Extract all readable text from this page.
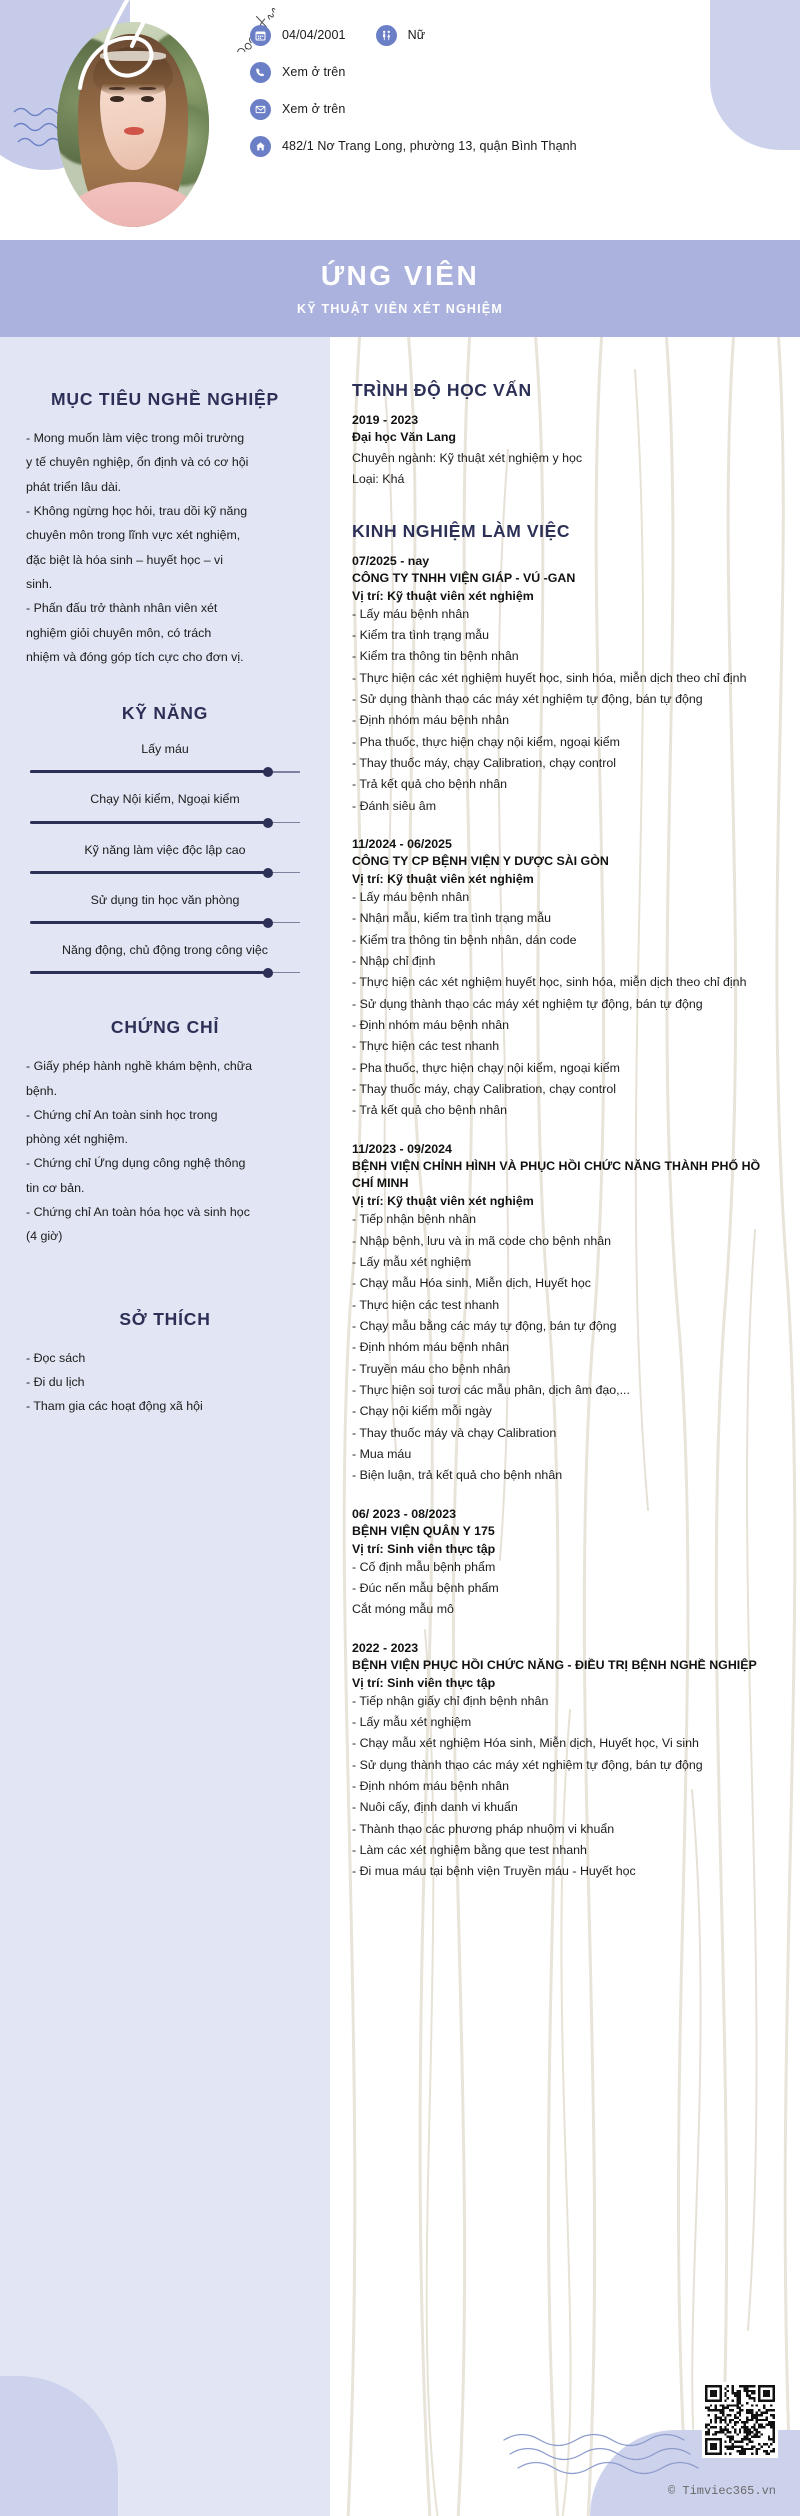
04/04/2001	Nữ
Xem ở trên
Xem ở trên
482/1 Nơ Trang Long, phường 13, quận Bình Thạnh
ỨNG VIÊN
KỸ THUẬT VIÊN XÉT NGHIỆM
MỤC TIÊU NGHỀ NGHIỆP
- Mong muốn làm việc trong môi trường
y tế chuyên nghiệp, ổn định và có cơ hội
phát triển lâu dài.
- Không ngừng học hỏi, trau dồi kỹ năng
chuyên môn trong lĩnh vực xét nghiệm,
đặc biệt là hóa sinh – huyết học – vi
sinh.
- Phấn đấu trở thành nhân viên xét
nghiệm giỏi chuyên môn, có trách
nhiệm và đóng góp tích cực cho đơn vị.
KỸ NĂNG
Lấy máu
Chạy Nội kiểm, Ngoại kiểm
Kỹ năng làm việc độc lập cao
Sử dụng tin học văn phòng
Năng động, chủ động trong công việc
CHỨNG CHỈ
- Giấy phép hành nghề khám bệnh, chữa
bệnh.
- Chứng chỉ An toàn sinh học trong
phòng xét nghiệm.
- Chứng chỉ Ứng dụng công nghệ thông
tin cơ bản.
- Chứng chỉ An toàn hóa học và sinh học
(4 giờ)
SỞ THÍCH
- Đọc sách
- Đi du lịch
- Tham gia các hoạt động xã hội
TRÌNH ĐỘ HỌC VẤN
2019 - 2023
Đại học Văn Lang
Chuyên ngành: Kỹ thuật xét nghiệm y học
Loại: Khá
KINH NGHIỆM LÀM VIỆC
07/2025 - nay
CÔNG TY TNHH VIỆN GIÁP - VÚ -GAN
Vị trí: Kỹ thuật viên xét nghiệm
- Lấy máu bệnh nhân
- Kiểm tra tình trạng mẫu
- Kiểm tra thông tin bệnh nhân
- Thực hiện các xét nghiệm huyết học, sinh hóa, miễn dịch theo chỉ định
- Sử dụng thành thạo các máy xét nghiệm tự động, bán tự động
- Định nhóm máu bệnh nhân
- Pha thuốc, thực hiện chạy nội kiểm, ngoại kiểm
- Thay thuốc máy, chạy Calibration, chạy control
- Trả kết quả cho bệnh nhân
- Đánh siêu âm
11/2024 - 06/2025
CÔNG TY CP BỆNH VIỆN Y DƯỢC SÀI GÒN
Vị trí: Kỹ thuật viên xét nghiệm
- Lấy máu bệnh nhân
- Nhận mẫu, kiểm tra tình trạng mẫu
- Kiểm tra thông tin bệnh nhân, dán code
- Nhập chỉ định
- Thực hiện các xét nghiệm huyết học, sinh hóa, miễn dịch theo chỉ định
- Sử dụng thành thạo các máy xét nghiệm tự động, bán tự động
- Định nhóm máu bệnh nhân
- Thực hiện các test nhanh
- Pha thuốc, thực hiện chạy nội kiểm, ngoại kiểm
- Thay thuốc máy, chạy Calibration, chạy control
- Trả kết quả cho bệnh nhân
11/2023 - 09/2024
BỆNH VIỆN CHỈNH HÌNH VÀ PHỤC HỒI CHỨC NĂNG THÀNH PHỐ HỒ CHÍ MINH
Vị trí: Kỹ thuật viên xét nghiệm
- Tiếp nhận bệnh nhân
- Nhập bệnh, lưu và in mã code cho bệnh nhân
- Lấy mẫu xét nghiệm
- Chạy mẫu Hóa sinh, Miễn dịch, Huyết học
- Thực hiện các test nhanh
- Chạy mẫu bằng các máy tự động, bán tự động
- Định nhóm máu bệnh nhân
- Truyền máu cho bệnh nhân
- Thực hiện soi tươi các mẫu phân, dịch âm đạo,...
- Chạy nội kiểm mỗi ngày
- Thay thuốc máy và chạy Calibration
- Mua máu
- Biện luận, trả kết quả cho bệnh nhân
06/ 2023 - 08/2023
BỆNH VIỆN QUÂN Y 175
Vị trí: Sinh viên thực tập
- Cố định mẫu bệnh phẩm
- Đúc nến mẫu bệnh phẩm
Cắt móng mẫu mô
2022 - 2023
BỆNH VIỆN PHỤC HỒI CHỨC NĂNG - ĐIỀU TRỊ BỆNH NGHỀ NGHIỆP
Vị trí: Sinh viên thực tập
- Tiếp nhận giấy chỉ định bệnh nhân
- Lấy mẫu xét nghiệm
- Chạy mẫu xét nghiệm Hóa sinh, Miễn dịch, Huyết học, Vi sinh
- Sử dụng thành thạo các máy xét nghiệm tự động, bán tự động
- Định nhóm máu bệnh nhân
- Nuôi cấy, định danh vi khuẩn
- Thành thạo các phương pháp nhuộm vi khuẩn
- Làm các xét nghiệm bằng que test nhanh
- Đi mua máu tại bệnh viện Truyền máu - Huyết học
© Timviec365.vn
